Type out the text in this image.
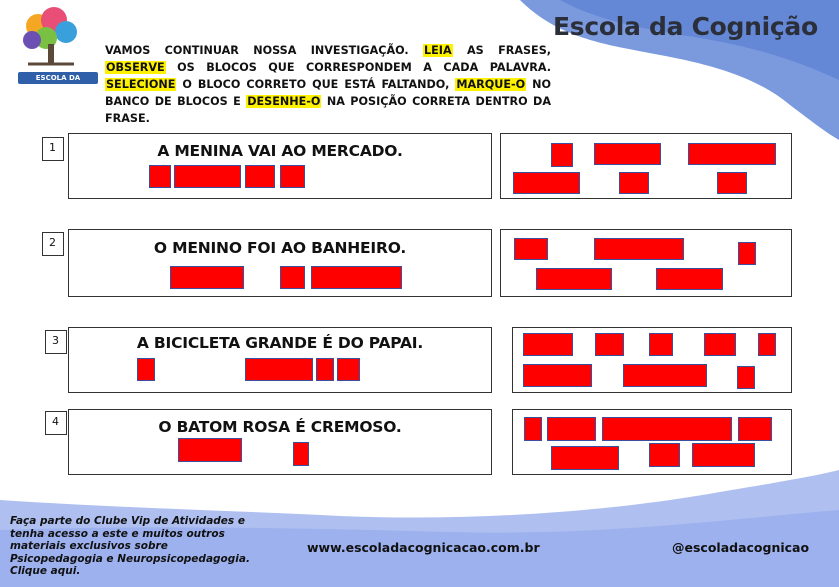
ESCOLA DA COGNIÇÃO
Escola da Cognição
VAMOS CONTINUAR NOSSA INVESTIGAÇÃO. LEIA AS FRASES, OBSERVE OS BLOCOS QUE CORRESPONDEM A CADA PALAVRA. SELECIONE O BLOCO CORRETO QUE ESTÁ FALTANDO, MARQUE-O NO BANCO DE BLOCOS E DESENHE-O NA POSIÇÃO CORRETA DENTRO DA FRASE.
1	A MENINA VAI AO MERCADO.
2	O MENINO FOI AO BANHEIRO.
3	A BICICLETA GRANDE É DO PAPAI.
4	O BATOM ROSA É CREMOSO.
Faça parte do Clube Vip de Atividades e tenha acesso a este e muitos outros materiais exclusivos sobre Psicopedagogia e Neuropsicopedagogia. Clique aqui.
www.escoladacognicacao.com.br	@escoladacognicao
